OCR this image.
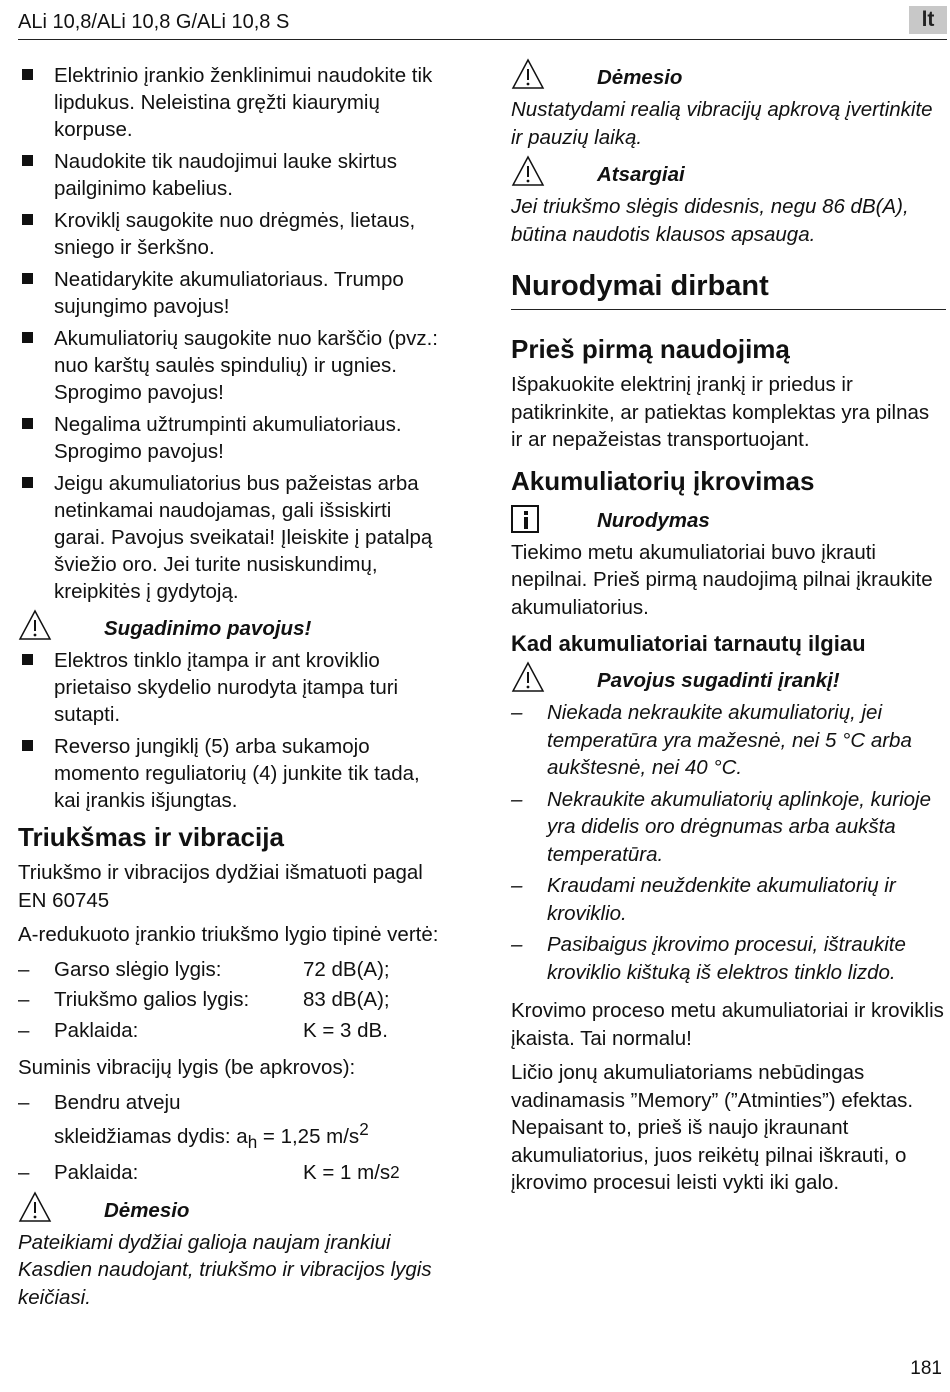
ALi 10,8/ALi 10,8 G/ALi 10,8 S	lt
Elektrinio įrankio ženklinimui naudokite tik lipdukus. Neleistina gręžti kiaurymių korpuse.
Naudokite tik naudojimui lauke skirtus pailginimo kabelius.
Kroviklį saugokite nuo drėgmės, lietaus, sniego ir šerkšno.
Neatidarykite akumuliatoriaus. Trumpo sujungimo pavojus!
Akumuliatorių saugokite nuo karščio (pvz.: nuo karštų saulės spindulių) ir ugnies. Sprogimo pavojus!
Negalima užtrumpinti akumuliatoriaus. Sprogimo pavojus!
Jeigu akumuliatorius bus pažeistas arba netinkamai naudojamas, gali išsiskirti garai. Pavojus sveikatai! Įleiskite į patalpą šviežio oro. Jei turite nusiskundimų, kreipkitės į gydytoją.
Sugadinimo pavojus!
Elektros tinklo įtampa ir ant kroviklio prietaiso skydelio nurodyta įtampa turi sutapti.
Reverso jungiklį (5) arba sukamojo momento reguliatorių (4) junkite tik tada, kai įrankis išjungtas.
Triukšmas ir vibracija

Triukšmo ir vibracijos dydžiai išmatuoti pagal EN 60745

A-redukuoto įrankio triukšmo lygio tipinė vertė:

–	Garso slėgio lygis:	72 dB(A);
–	Triukšmo galios lygis:	83 dB(A);
–	Paklaida:	K = 3 dB.

Suminis vibracijų lygis (be apkrovos):

– Bendru atveju
skleidžiamas dydis: $a_h = 1,25$ $m/s^2$
–	Paklaida:	K = 1 m/s 2
Dėmesio

Pateikiami dydžiai galioja naujam įrankiui Kasdien naudojant, triukšmo ir vibracijos lygis keičiasi.

Dėmesio

Nustatydami realią vibracijų apkrovą įvertinkite ir pauzių laiką.

Atsargiai

Jei triukšmo slėgis didesnis, negu 86 dB(A), būtina naudotis klausos apsauga.

Nurodymai dirbant
Prieš pirmą naudojimą

Išpakuokite elektrinį įrankį ir priedus ir patikrinkite, ar patiektas komplektas yra pilnas ir ar nepažeistas transportuojant.

Akumuliatorių įkrovimas
Nurodymas

Tiekimo metu akumuliatoriai buvo įkrauti nepilnai. Prieš pirmą naudojimą pilnai įkraukite akumuliatorius.

Kad akumuliatoriai tarnautų ilgiau
Pavojus sugadinti įrankį!
– Niekada nekraukite akumuliatorių, jei temperatūra yra mažesnė, nei 5 °C arba aukštesnė, nei 40 °C.
– Nekraukite akumuliatorių aplinkoje, kurioje yra didelis oro drėgnumas arba aukšta temperatūra.
– Kraudami neuždenkite akumuliatorių ir kroviklio.
– Pasibaigus įkrovimo procesui, ištraukite kroviklio kištuką iš elektros tinklo lizdo.

Krovimo proceso metu akumuliatoriai ir kroviklis įkaista. Tai normalu!

Ličio jonų akumuliatoriams nebūdingas vadinamasis ”Memory” (”Atminties”) efektas. Nepaisant to, prieš iš naujo įkraunant akumuliatorius, juos reikėtų pilnai iškrauti, o įkrovimo procesui leisti vykti iki galo.

181
